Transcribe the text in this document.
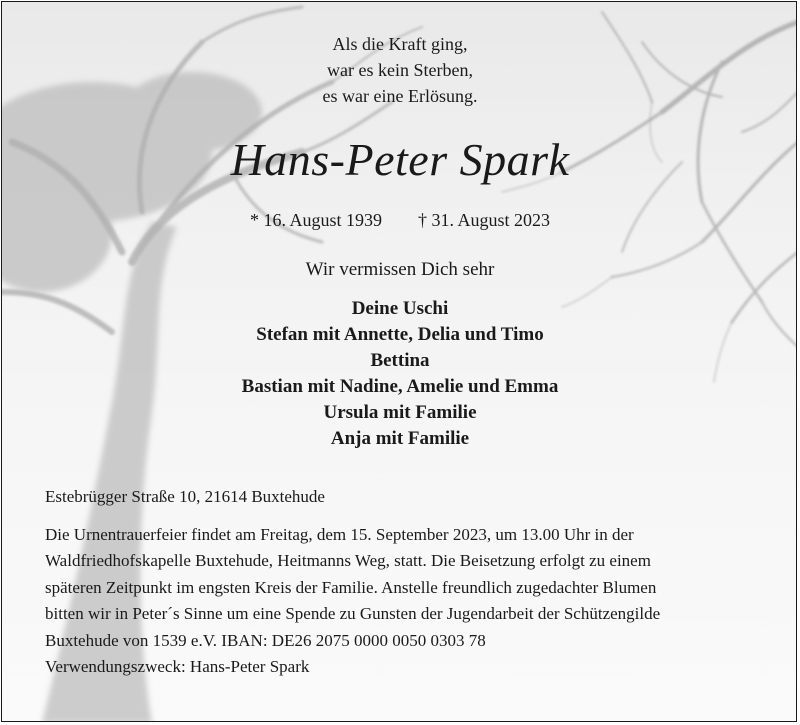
Als die Kraft ging,
war es kein Sterben,
es war eine Erlösung.
Hans-Peter Spark
* 16. August 1939 † 31. August 2023
Wir vermissen Dich sehr
Deine Uschi
Stefan mit Annette, Delia und Timo
Bettina
Bastian mit Nadine, Amelie und Emma
Ursula mit Familie
Anja mit Familie
Estebrügger Straße 10, 21614 Buxtehude
Die Urnentrauerfeier findet am Freitag, dem 15. September 2023, um 13.00 Uhr in der
Waldfriedhofskapelle Buxtehude, Heitmanns Weg, statt. Die Beisetzung erfolgt zu einem
späteren Zeitpunkt im engsten Kreis der Familie. Anstelle freundlich zugedachter Blumen
bitten wir in Peter´s Sinne um eine Spende zu Gunsten der Jugendarbeit der Schützengilde
Buxtehude von 1539 e.V. IBAN: DE26 2075 0000 0050 0303 78
Verwendungszweck: Hans-Peter Spark
